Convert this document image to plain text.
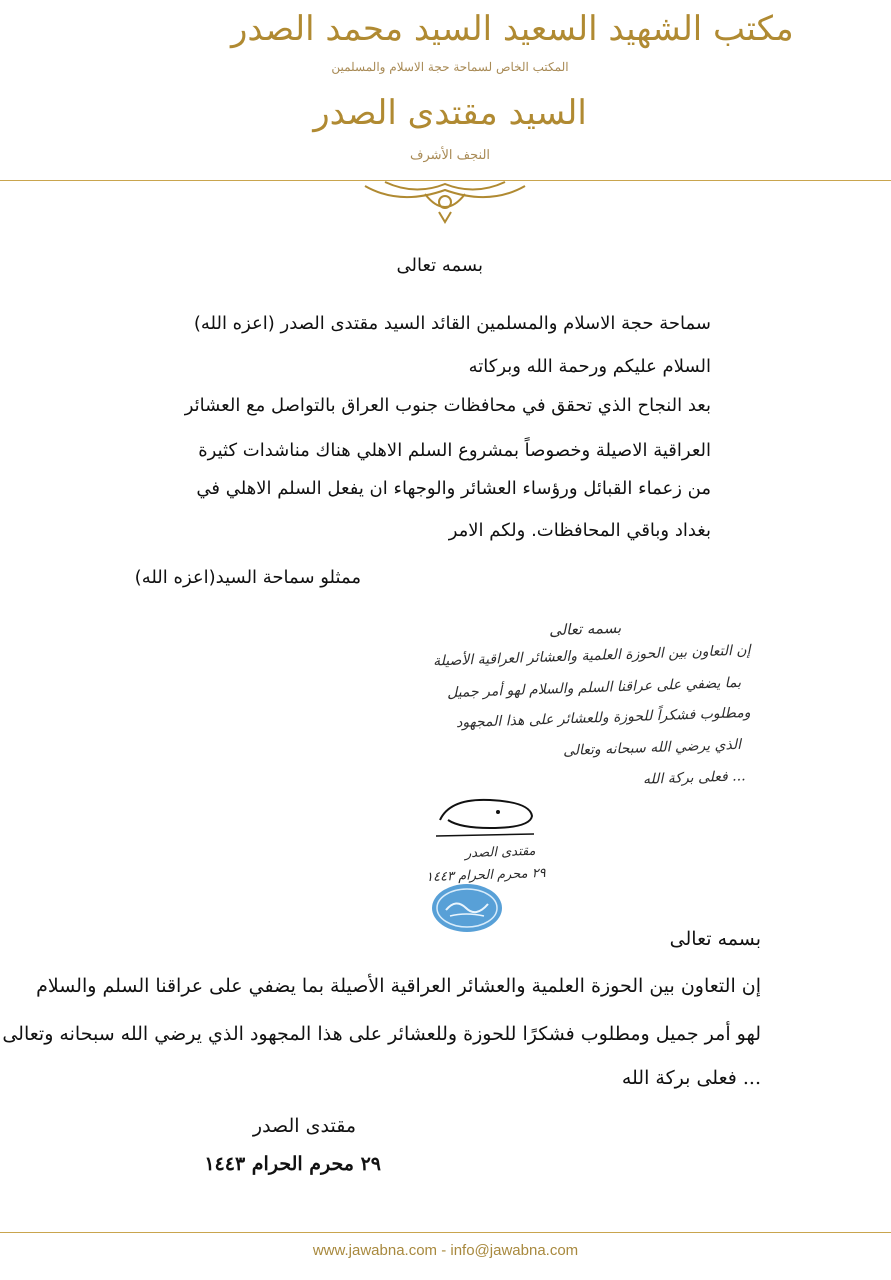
مكتب الشهيد السعيد السيد محمد الصدر
المكتب الخاص لسماحة حجة الاسلام والمسلمين
السيد مقتدى الصدر
النجف الأشرف
بسمه تعالى
سماحة حجة الاسلام والمسلمين القائد السيد مقتدى الصدر (اعزه الله)
السلام عليكم ورحمة الله وبركاته
بعد النجاح الذي تحقق في محافظات جنوب العراق بالتواصل مع العشائر
العراقية الاصيلة وخصوصاً بمشروع السلم الاهلي هناك مناشدات كثيرة
من زعماء القبائل ورؤساء العشائر والوجهاء ان يفعل السلم الاهلي في
بغداد وباقي المحافظات. ولكم الامر
ممثلو سماحة السيد(اعزه الله)
بسمه تعالى
إن التعاون بين الحوزة العلمية والعشائر العراقية الأصيلة
بما يضفي على عراقنا السلم والسلام لهو أمر جميل
ومطلوب فشكراً للحوزة وللعشائر على هذا المجهود
الذي يرضي الله سبحانه وتعالى
... فعلى بركة الله
مقتدى الصدر
٢٩ محرم الحرام ١٤٤٣
بسمه تعالى
إن التعاون بين الحوزة العلمية والعشائر العراقية الأصيلة بما يضفي على عراقنا السلم والسلام
لهو أمر جميل ومطلوب فشكرًا للحوزة وللعشائر على هذا المجهود الذي يرضي الله سبحانه وتعالى
... فعلى بركة الله
مقتدى الصدر
٢٩ محرم الحرام ١٤٤٣
www.jawabna.com - info@jawabna.com
